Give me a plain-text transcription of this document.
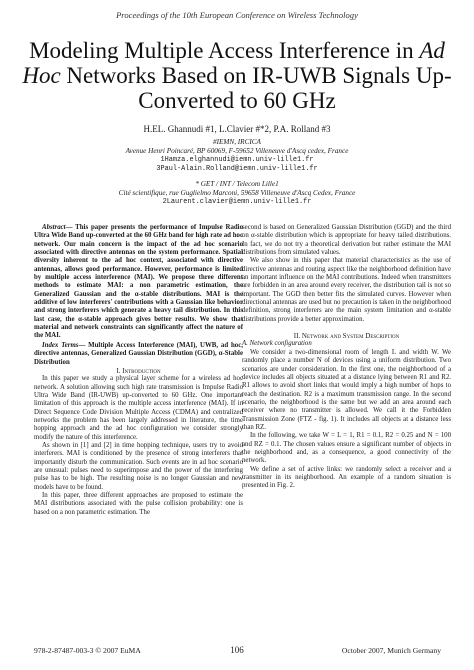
Proceedings of the 10th European Conference on Wireless Technology
Modeling Multiple Access Interference in Ad Hoc Networks Based on IR-UWB Signals Up-Converted to 60 GHz
H.EL. Ghannudi #1, L.Clavier #*2, P.A. Rolland #3
#IEMN, IRCICA
Avenue Henri Poincaré, BP 60069, F-59652 Villeneuve d'Ascq cedex, France
1Hamza.elghannudi@iemn.univ-lille1.fr
3Paul-Alain.Rolland@iemn.univ-lille1.fr
* GET / INT / Telecom Lille1
Cité scientifique, rue Guglielmo Marconi, 59658 Villeneuve d'Ascq Cedex, France
2Laurent.clavier@iemn.univ-lille1.fr

Abstract— This paper presents the performance of Impulse Radio Ultra Wide Band up-converted at the 60 GHz band for high rate ad hoc network. Our main concern is the impact of the ad hoc scenario associated with directive antennas on the system performance. Spatial diversity inherent to the ad hoc context, associated with directive antennas, allows good performance. However, performance is limited by multiple access interference (MAI). We propose three different methods to estimate MAI: a non parametric estimation, the Generalized Gaussian and the α-stable distributions. MAI is the additive of low interferers' contributions with a Gaussian like behavior and strong interferers which generate a heavy tail distribution. In this last case, the α-stable approach gives better results. We show that material and network constraints can significantly affect the nature of the MAI.

Index Terms— Multiple Access Interference (MAI), UWB, ad hoc, directive antennas, Generalized Gaussian Distribution (GGD), α-Stable Distribution

I. Introduction

In this paper we study a physical layer scheme for a wireless ad hoc network. A solution allowing such high rate transmission is Impulse Radio Ultra Wide Band (IR-UWB) up-converted to 60 GHz. One important limitation of this approach is the multiple access interference (MAI). If in Direct Sequence Code Division Multiple Access (CDMA) and centralized networks the problem has been largely addressed in literature, the time hopping approach and the ad hoc configuration we consider strongly modify the nature of this interference.

As shown in [1] and [2] in time hopping technique, users try to avoid interferers. MAI is conditioned by the presence of strong interferers that importantly disturb the communication. Such events are in ad hoc scenario are unusual: pulses need to superimpose and the power of the interfering pulse has to be high. The resulting noise is no longer Gaussian and new models have to be found.

In this paper, three different approaches are proposed to estimate the MAI distributions associated with the pulse collision probability: one is based on a non parametric estimation. The

second is based on Generalized Gaussian Distribution (GGD) and the third on α-stable distribution which is appropriate for heavy tailed distributions. In fact, we do not try a theoretical derivation but rather estimate the MAI distributions from simulated values.

We also show in this paper that material characteristics as the use of directive antennas and routing aspect like the neighborhood definition have an important influence on the MAI contributions. Indeed when transmitters are forbidden in an area around every receiver, the distribution tail is not so important. The GGD then better fits the simulated curves. However when directional antennas are used but no precaution is taken in the neighborhood definition, strong interferers are the main system limitation and α-stable distributions provide a better approximation.

II. Network and System Description

A. Network configuration

We consider a two-dimensional room of length L and width W. We randomly place a number N of devices using a uniform distribution. Two scenarios are under consideration. In the first one, the neighborhood of a device includes all objects situated at a distance lying between R1 and R2. R1 allows to avoid short links that would imply a high number of hops to reach the destination. R2 is a maximum transmission range. In the second scenario, the neighborhood is the same but we add an area around each receiver where no transmitter is allowed. We call it the Forbidden Transmission Zone (FTZ - fig. 1). It includes all objects at a distance less than RZ.

In the following, we take W = L = 1, R1 = 0.1, R2 = 0.25 and N = 100 and RZ = 0.1. The chosen values ensure a significant number of objects in the neighborhood and, as a consequence, a good connectivity of the network.

We define a set of active links: we randomly select a receiver and a transmitter in its neighborhood. An example of a random situation is presented in Fig. 2.

978-2-87487-003-3 © 2007 EuMA	106	October 2007, Munich Germany
